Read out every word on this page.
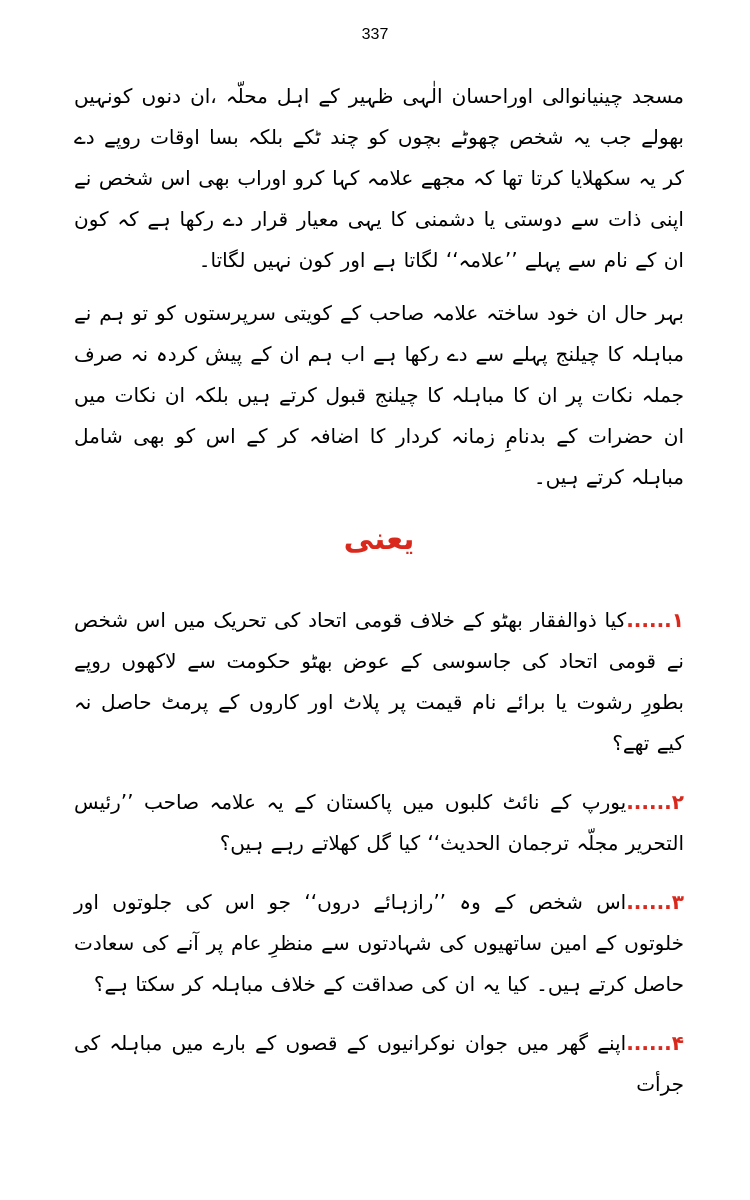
337

مسجد چینیانوالی اوراحسان الٰہی ظہیر کے اہل محلّہ ،ان دنوں کونہیں بھولے جب یہ شخص چھوٹے بچوں کو چند ٹکے بلکہ بسا اوقات روپے دے کر یہ سکھلایا کرتا تھا کہ مجھے علامہ کہا کرو اوراب بھی اس شخص نے اپنی ذات سے دوستی یا دشمنی کا یہی معیار قرار دے رکھا ہے کہ کون ان کے نام سے پہلے ’’علامہ‘‘ لگاتا ہے اور کون نہیں لگاتا۔

بہر حال ان خود ساختہ علامہ صاحب کے کویتی سرپرستوں کو تو ہم نے مباہلہ کا چیلنج پہلے سے دے رکھا ہے اب ہم ان کے پیش کردہ نہ صرف جملہ نکات پر ان کا مباہلہ کا چیلنج قبول کرتے ہیں بلکہ ان نکات میں ان حضرات کے بدنامِ زمانہ کردار کا اضافہ کر کے اس کو بھی شامل مباہلہ کرتے ہیں۔

یعنی

۱......کیا ذوالفقار بھٹو کے خلاف قومی اتحاد کی تحریک میں اس شخص نے قومی اتحاد کی جاسوسی کے عوض بھٹو حکومت سے لاکھوں روپے بطورِ رشوت یا برائے نام قیمت پر پلاٹ اور کاروں کے پرمٹ حاصل نہ کیے تھے؟

۲......یورپ کے نائٹ کلبوں میں پاکستان کے یہ علامہ صاحب ’’رئیس التحریر مجلّہ ترجمان الحدیث‘‘ کیا گل کھلاتے رہے ہیں؟

۳......اس شخص کے وہ ’’رازہائے دروں‘‘ جو اس کی جلوتوں اور خلوتوں کے امین ساتھیوں کی شہادتوں سے منظرِ عام پر آنے کی سعادت حاصل کرتے ہیں۔ کیا یہ ان کی صداقت کے خلاف مباہلہ کر سکتا ہے؟

۴......اپنے گھر میں جوان نوکرانیوں کے قصوں کے بارے میں مباہلہ کی جرأت
